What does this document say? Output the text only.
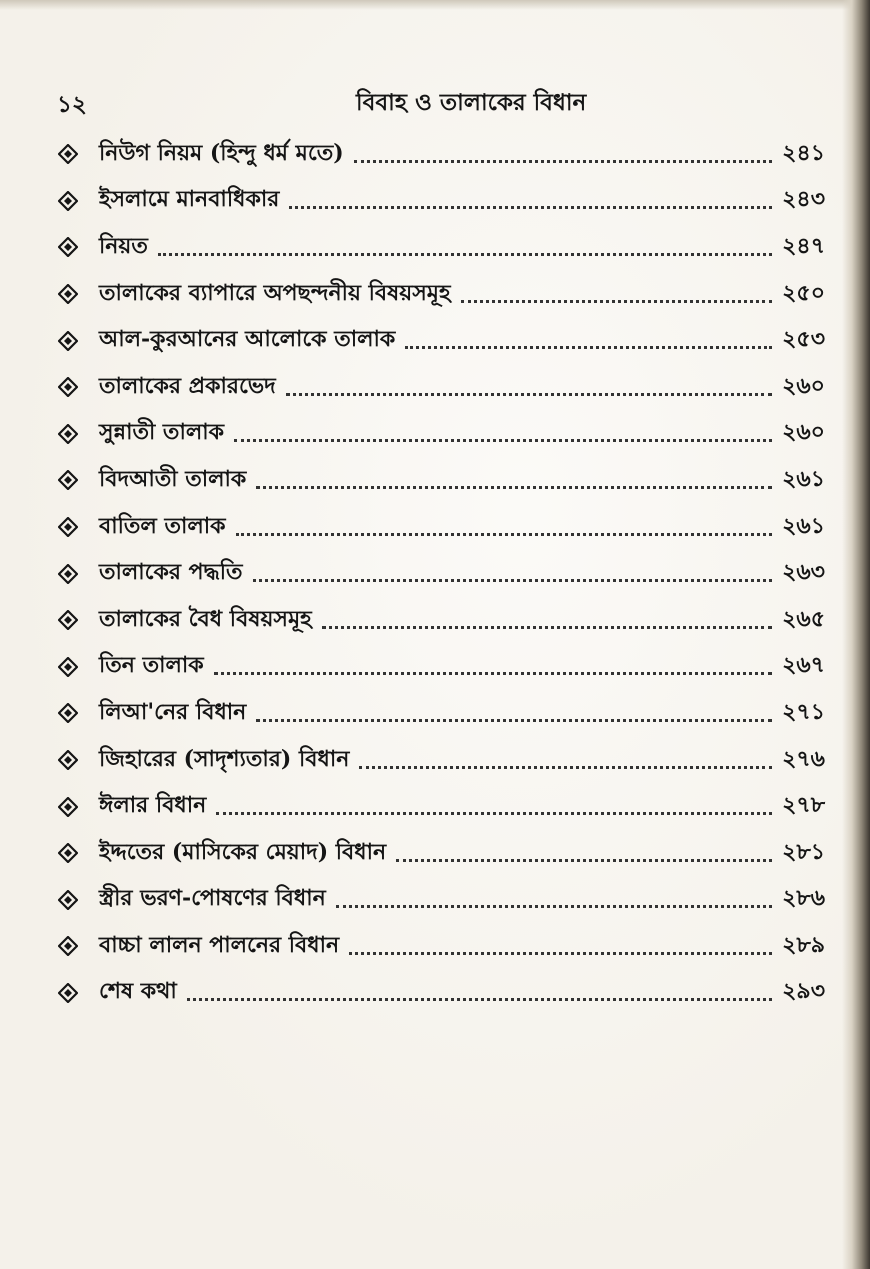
১২	বিবাহ ও তালাকের বিধান
নিউগ নিয়ম (হিন্দু ধর্ম মতে)	২৪১
ইসলামে মানবাধিকার	২৪৩
নিয়ত	২৪৭
তালাকের ব্যাপারে অপছন্দনীয় বিষয়সমূহ	২৫০
আল-কুরআনের আলোকে তালাক	২৫৩
তালাকের প্রকারভেদ	২৬০
সুন্নাতী তালাক	২৬০
বিদআতী তালাক	২৬১
বাতিল তালাক	২৬১
তালাকের পদ্ধতি	২৬৩
তালাকের বৈধ বিষয়সমূহ	২৬৫
তিন তালাক	২৬৭
লিআ'নের বিধান	২৭১
জিহারের (সাদৃশ্যতার) বিধান	২৭৬
ঈলার বিধান	২৭৮
ইদ্দতের (মাসিকের মেয়াদ) বিধান	২৮১
স্ত্রীর ভরণ-পোষণের বিধান	২৮৬
বাচ্চা লালন পালনের বিধান	২৮৯
শেষ কথা	২৯৩
